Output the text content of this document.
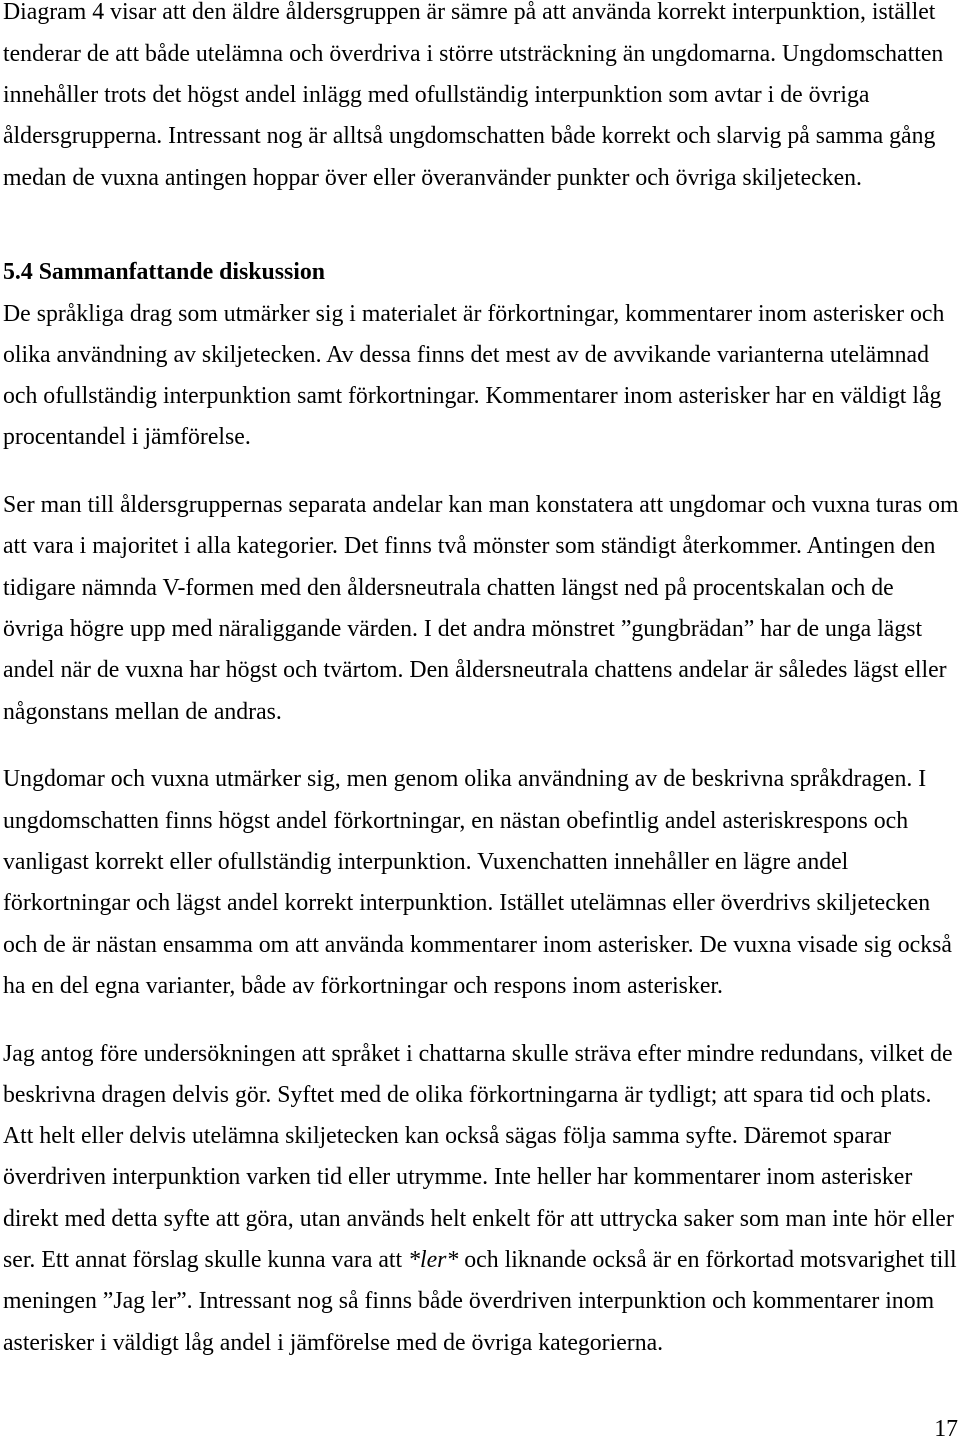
Diagram 4 visar att den äldre åldersgruppen är sämre på att använda korrekt interpunktion, istället
tenderar de att både utelämna och överdriva i större utsträckning än ungdomarna. Ungdomschatten
innehåller trots det högst andel inlägg med ofullständig interpunktion som avtar i de övriga
åldersgrupperna. Intressant nog är alltså ungdomschatten både korrekt och slarvig på samma gång
medan de vuxna antingen hoppar över eller överanvänder punkter och övriga skiljetecken.
5.4 Sammanfattande diskussion
De språkliga drag som utmärker sig i materialet är förkortningar, kommentarer inom asterisker och
olika användning av skiljetecken. Av dessa finns det mest av de avvikande varianterna utelämnad
och ofullständig interpunktion samt förkortningar. Kommentarer inom asterisker har en väldigt låg
procentandel i jämförelse.
Ser man till åldersgruppernas separata andelar kan man konstatera att ungdomar och vuxna turas om
att vara i majoritet i alla kategorier. Det finns två mönster som ständigt återkommer. Antingen den
tidigare nämnda V-formen med den åldersneutrala chatten längst ned på procentskalan och de
övriga högre upp med näraliggande värden. I det andra mönstret ”gungbrädan” har de unga lägst
andel när de vuxna har högst och tvärtom. Den åldersneutrala chattens andelar är således lägst eller
någonstans mellan de andras.
Ungdomar och vuxna utmärker sig, men genom olika användning av de beskrivna språkdragen. I
ungdomschatten finns högst andel förkortningar, en nästan obefintlig andel asteriskrespons och
vanligast korrekt eller ofullständig interpunktion. Vuxenchatten innehåller en lägre andel
förkortningar och lägst andel korrekt interpunktion. Istället utelämnas eller överdrivs skiljetecken
och de är nästan ensamma om att använda kommentarer inom asterisker. De vuxna visade sig också
ha en del egna varianter, både av förkortningar och respons inom asterisker.
Jag antog före undersökningen att språket i chattarna skulle sträva efter mindre redundans, vilket de
beskrivna dragen delvis gör. Syftet med de olika förkortningarna är tydligt; att spara tid och plats.
Att helt eller delvis utelämna skiljetecken kan också sägas följa samma syfte. Däremot sparar
överdriven interpunktion varken tid eller utrymme. Inte heller har kommentarer inom asterisker
direkt med detta syfte att göra, utan används helt enkelt för att uttrycka saker som man inte hör eller
ser. Ett annat förslag skulle kunna vara att *ler* och liknande också är en förkortad motsvarighet till
meningen ”Jag ler”. Intressant nog så finns både överdriven interpunktion och kommentarer inom
asterisker i väldigt låg andel i jämförelse med de övriga kategorierna.
17
